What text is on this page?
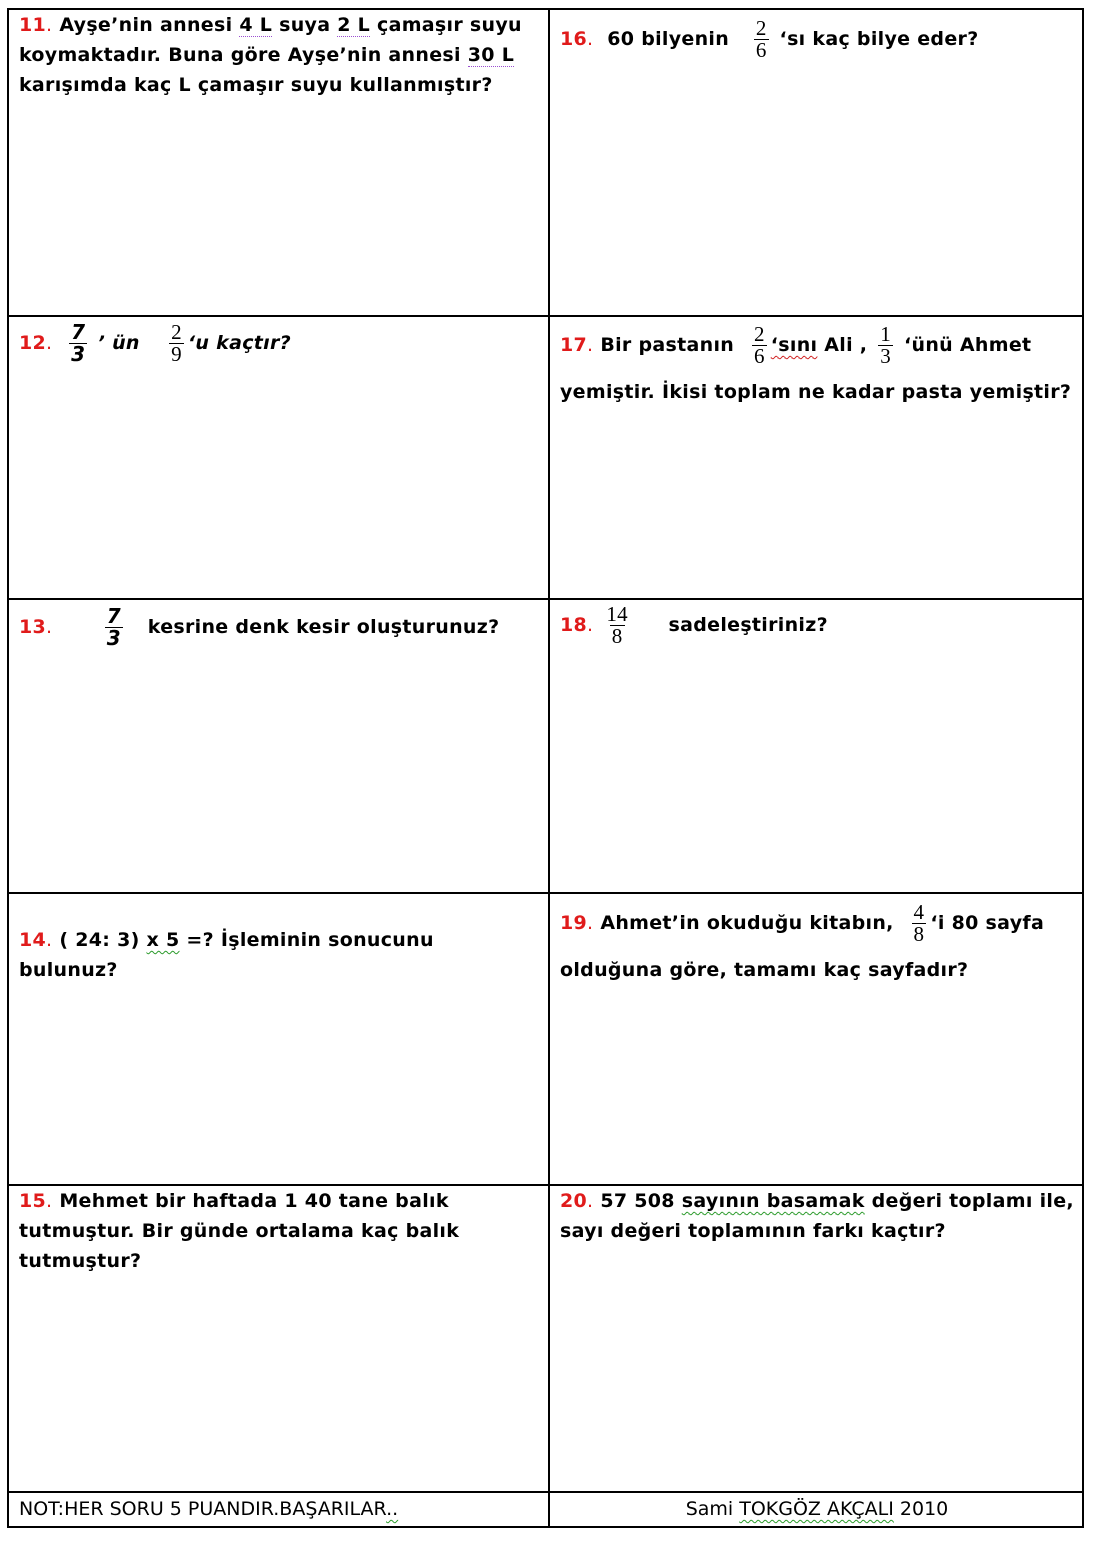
11. Ayşe’nin annesi 4 L suya 2 L çamaşır suyu
koymaktadır. Buna göre Ayşe’nin annesi 30 L
karışımda kaç L çamaşır suyu kullanmıştır?
16. 60 bilyenin $\frac{2}{6}$ ‘sı kaç bilye eder?
12. $\frac{7}{3}$ ’ ün $\frac{2}{9}$ ‘u kaçtır?	17. Bir pastanın $\frac{2}{6}$ ‘sını Ali , $\frac{1}{3}$ ‘ünü Ahmet
yemiştir. İkisi toplam ne kadar pasta yemiştir?
13.	$\frac{7}{3}$ kesrine denk kesir oluşturunuz?	18. $\frac{14}{8}$ sadeleştiriniz?
14. ( 24: 3) x 5 =? İşleminin sonucunu
bulunuz?
19. Ahmet’in okuduğu kitabın, $\frac{4}{8}$ ‘i 80 sayfa
olduğuna göre, tamamı kaç sayfadır?
15. Mehmet bir haftada 1 40 tane balık
tutmuştur. Bir günde ortalama kaç balık
tutmuştur?
20. 57 508 sayının basamak değeri toplamı ile,
sayı değeri toplamının farkı kaçtır?
NOT:HER SORU 5 PUANDIR.BAŞARILAR..	Sami TOKGÖZ AKÇALI 2010
